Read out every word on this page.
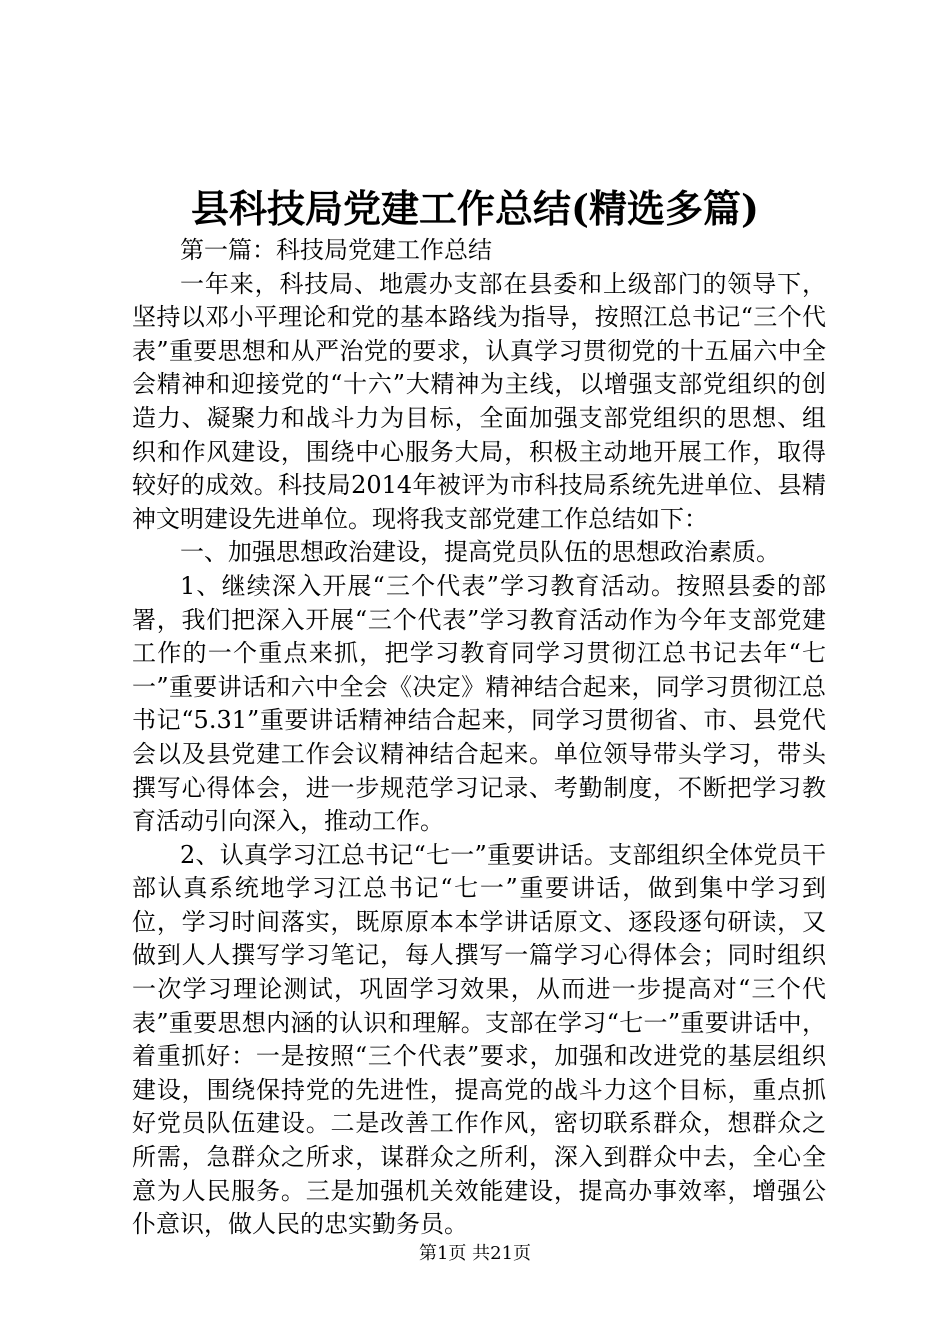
县科技局党建工作总结(精选多篇)

第一篇：科技局党建工作总结

一年来，科技局、地震办支部在县委和上级部门的领导下，坚持以邓小平理论和党的基本路线为指导，按照江总书记“三个代表”重要思想和从严治党的要求，认真学习贯彻党的十五届六中全会精神和迎接党的“十六”大精神为主线，以增强支部党组织的创造力、凝聚力和战斗力为目标，全面加强支部党组织的思想、组织和作风建设，围绕中心服务大局，积极主动地开展工作，取得较好的成效。科技局2014年被评为市科技局系统先进单位、县精神文明建设先进单位。现将我支部党建工作总结如下：

一、加强思想政治建设，提高党员队伍的思想政治素质。

1、继续深入开展“三个代表”学习教育活动。按照县委的部署，我们把深入开展“三个代表”学习教育活动作为今年支部党建工作的一个重点来抓，把学习教育同学习贯彻江总书记去年“七一”重要讲话和六中全会《决定》精神结合起来，同学习贯彻江总书记“5.31”重要讲话精神结合起来，同学习贯彻省、市、县党代会以及县党建工作会议精神结合起来。单位领导带头学习，带头撰写心得体会，进一步规范学习记录、考勤制度，不断把学习教育活动引向深入，推动工作。

2、认真学习江总书记“七一”重要讲话。支部组织全体党员干部认真系统地学习江总书记“七一”重要讲话，做到集中学习到位，学习时间落实，既原原本本学讲话原文、逐段逐句研读，又做到人人撰写学习笔记，每人撰写一篇学习心得体会；同时组织一次学习理论测试，巩固学习效果，从而进一步提高对“三个代表”重要思想内涵的认识和理解。支部在学习“七一”重要讲话中，着重抓好：一是按照“三个代表”要求，加强和改进党的基层组织建设，围绕保持党的先进性，提高党的战斗力这个目标，重点抓好党员队伍建设。二是改善工作作风，密切联系群众，想群众之所需，急群众之所求，谋群众之所利，深入到群众中去，全心全意为人民服务。三是加强机关效能建设，提高办事效率，增强公仆意识，做人民的忠实勤务员。

第1页 共21页
